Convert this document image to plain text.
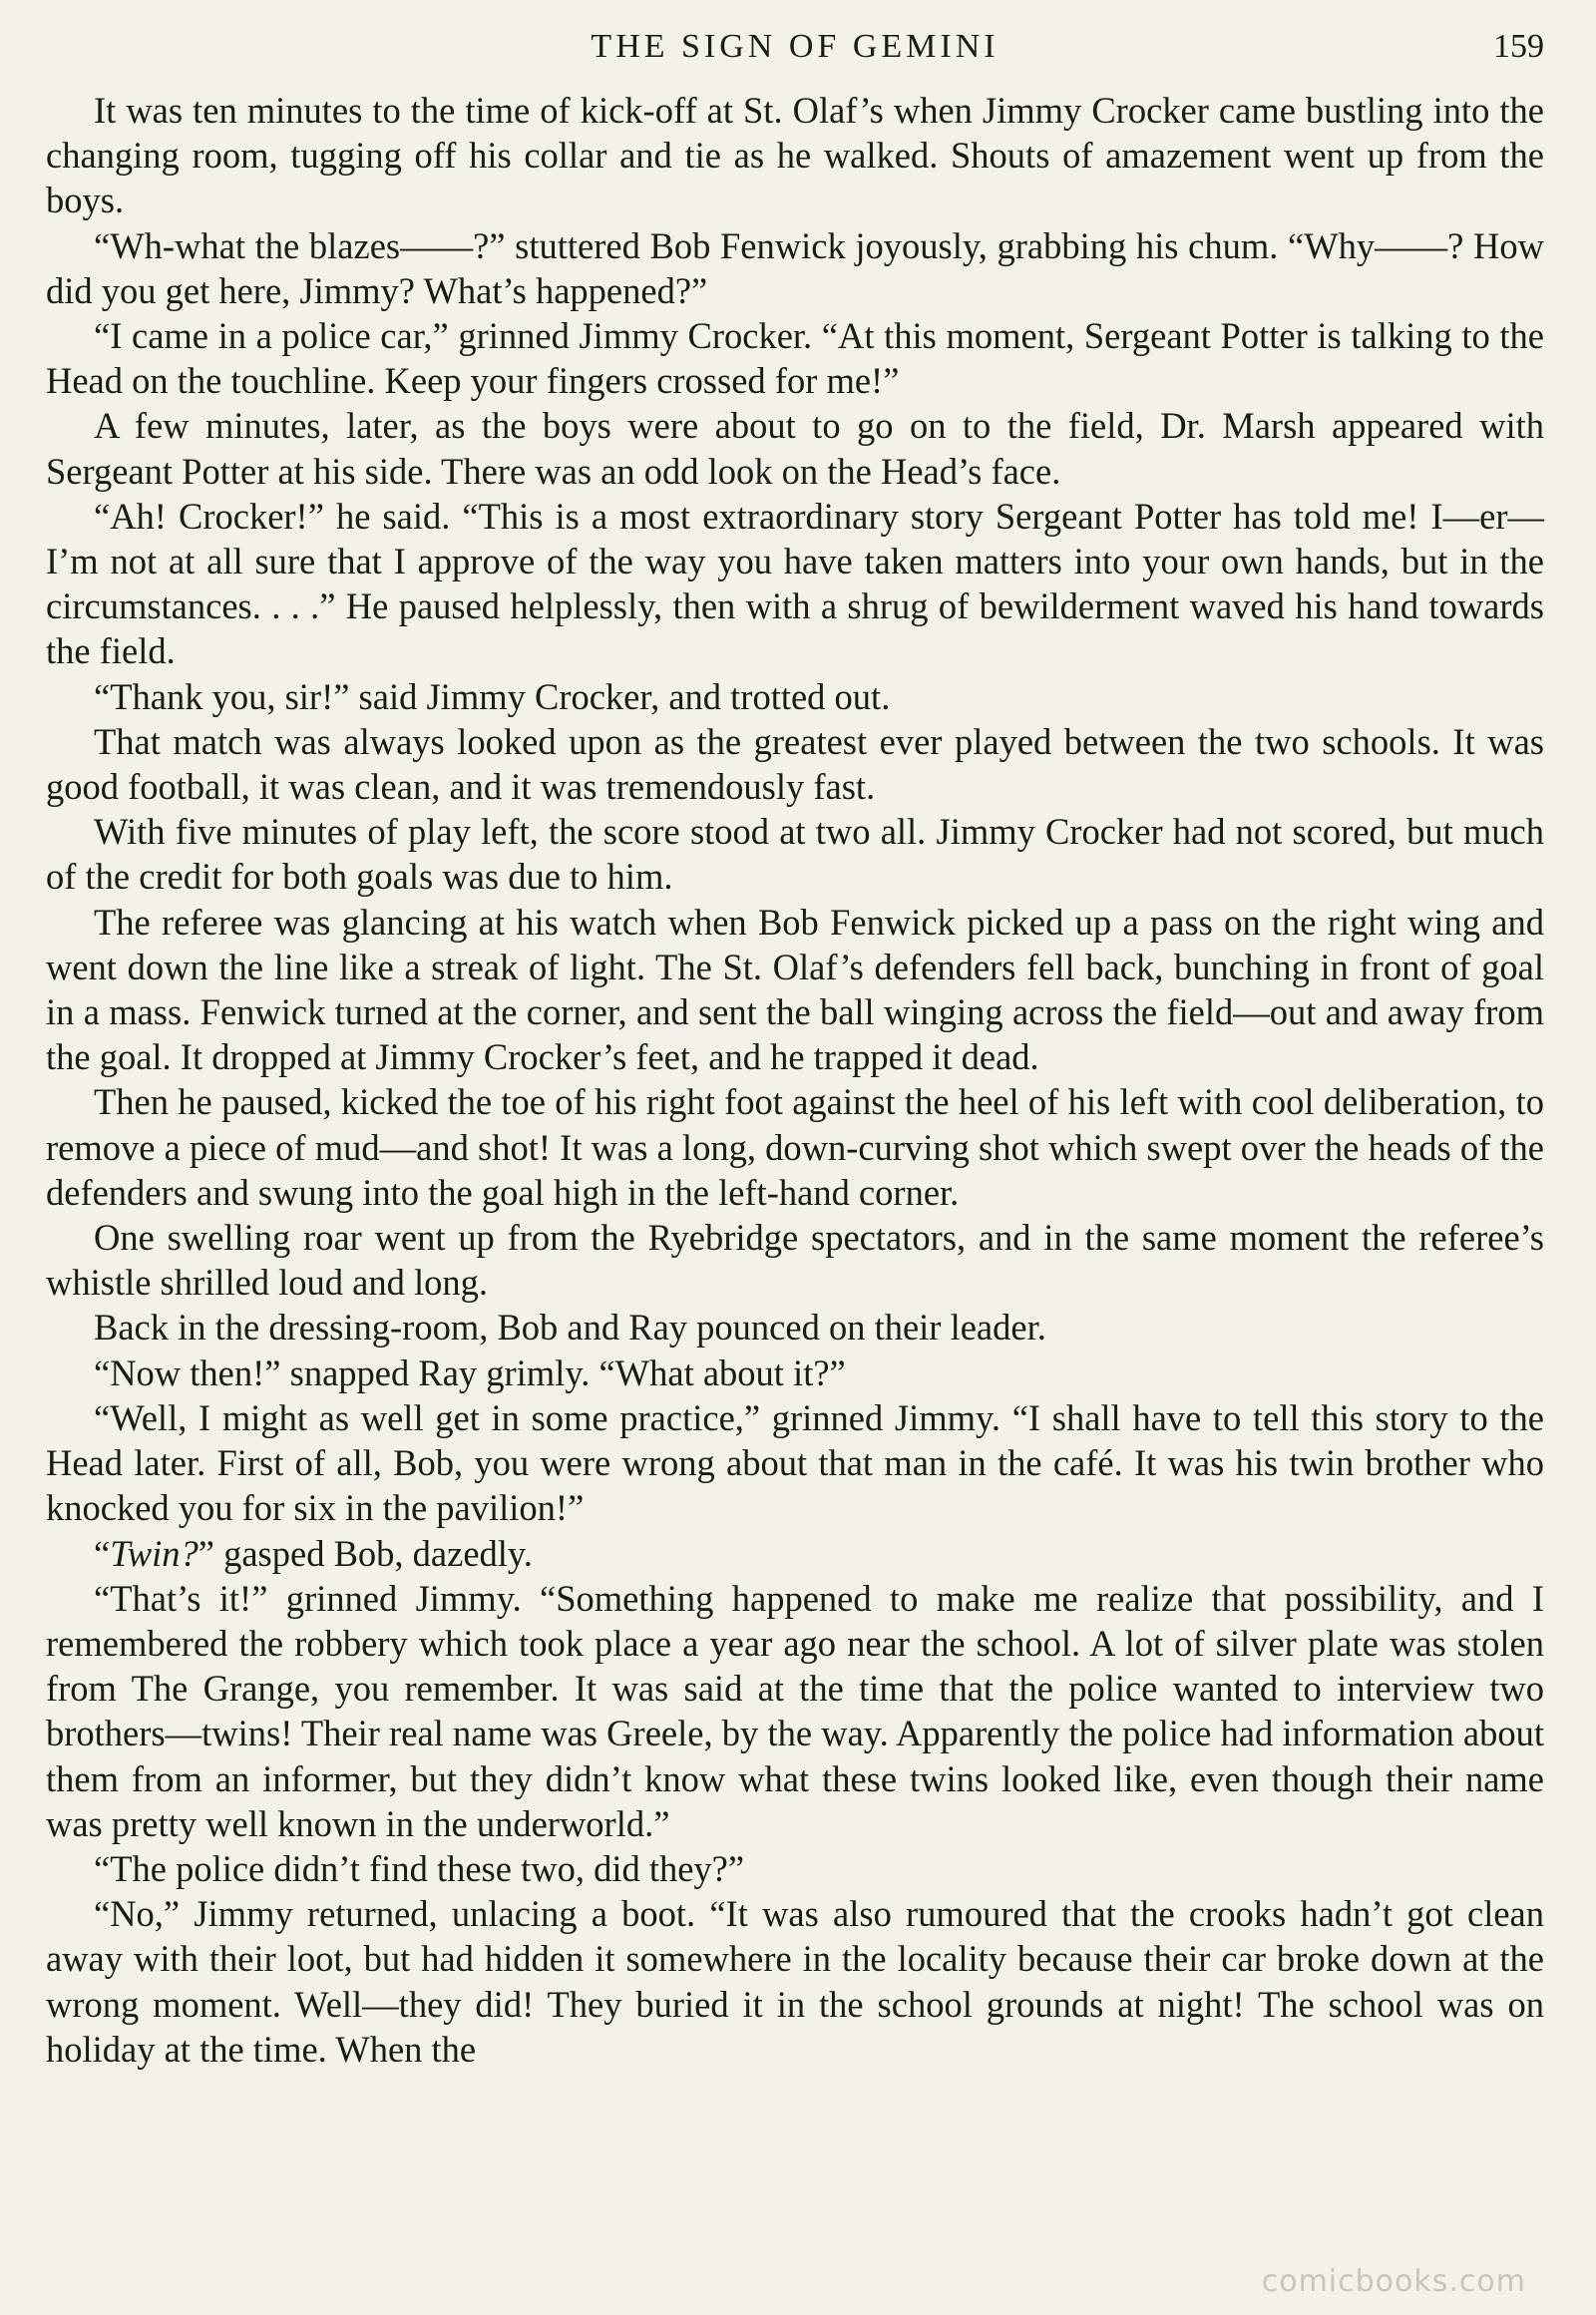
THE SIGN OF GEMINI	159

It was ten minutes to the time of kick-off at St. Olaf’s when Jimmy Crocker came bustling into the changing room, tugging off his collar and tie as he walked. Shouts of amazement went up from the boys.

“Wh-what the blazes——?” stuttered Bob Fenwick joyously, grabbing his chum. “Why——? How did you get here, Jimmy? What’s happened?”

“I came in a police car,” grinned Jimmy Crocker. “At this moment, Sergeant Potter is talking to the Head on the touchline. Keep your fingers crossed for me!”

A few minutes, later, as the boys were about to go on to the field, Dr. Marsh appeared with Sergeant Potter at his side. There was an odd look on the Head’s face.

“Ah! Crocker!” he said. “This is a most extraordinary story Sergeant Potter has told me! I—er—I’m not at all sure that I approve of the way you have taken matters into your own hands, but in the circumstances. . . .” He paused helplessly, then with a shrug of bewilderment waved his hand towards the field.

“Thank you, sir!” said Jimmy Crocker, and trotted out.

That match was always looked upon as the greatest ever played between the two schools. It was good football, it was clean, and it was tremendously fast.

With five minutes of play left, the score stood at two all. Jimmy Crocker had not scored, but much of the credit for both goals was due to him.

The referee was glancing at his watch when Bob Fenwick picked up a pass on the right wing and went down the line like a streak of light. The St. Olaf’s defenders fell back, bunching in front of goal in a mass. Fenwick turned at the corner, and sent the ball winging across the field—out and away from the goal. It dropped at Jimmy Crocker’s feet, and he trapped it dead.

Then he paused, kicked the toe of his right foot against the heel of his left with cool deliberation, to remove a piece of mud—and shot! It was a long, down-curving shot which swept over the heads of the defenders and swung into the goal high in the left-hand corner.

One swelling roar went up from the Ryebridge spectators, and in the same moment the referee’s whistle shrilled loud and long.

Back in the dressing-room, Bob and Ray pounced on their leader.

“Now then!” snapped Ray grimly. “What about it?”

“Well, I might as well get in some practice,” grinned Jimmy. “I shall have to tell this story to the Head later. First of all, Bob, you were wrong about that man in the café. It was his twin brother who knocked you for six in the pavilion!”

“Twin?” gasped Bob, dazedly.

“That’s it!” grinned Jimmy. “Something happened to make me realize that possibility, and I remembered the robbery which took place a year ago near the school. A lot of silver plate was stolen from The Grange, you remember. It was said at the time that the police wanted to interview two brothers—twins! Their real name was Greele, by the way. Apparently the police had information about them from an informer, but they didn’t know what these twins looked like, even though their name was pretty well known in the underworld.”

“The police didn’t find these two, did they?”

“No,” Jimmy returned, unlacing a boot. “It was also rumoured that the crooks hadn’t got clean away with their loot, but had hidden it somewhere in the locality because their car broke down at the wrong moment. Well—they did! They buried it in the school grounds at night! The school was on holiday at the time. When the

comicbooks.com
